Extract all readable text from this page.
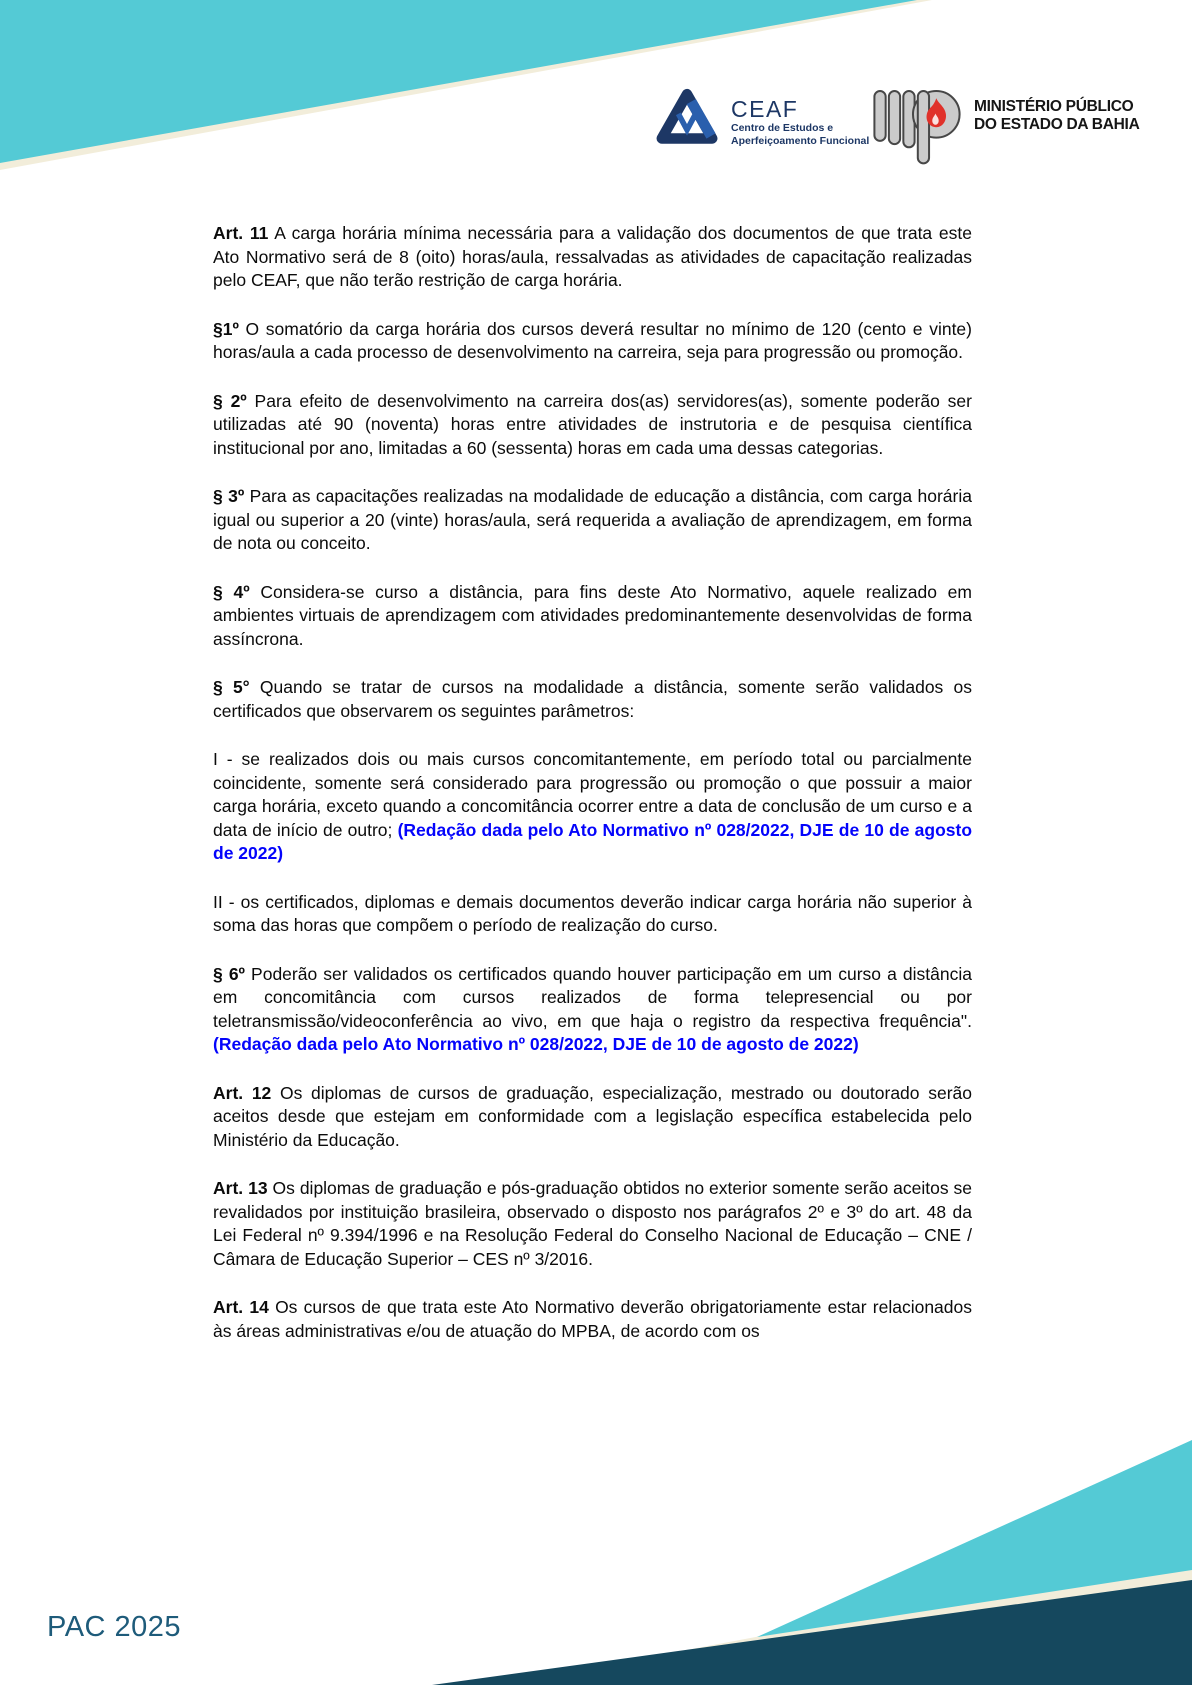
CEAF
Centro de Estudos e
Aperfeiçoamento Funcional
MINISTÉRIO PÚBLICO
DO ESTADO DA BAHIA

Art. 11 A carga horária mínima necessária para a validação dos documentos de que trata este Ato Normativo será de 8 (oito) horas/aula, ressalvadas as atividades de capacitação realizadas pelo CEAF, que não terão restrição de carga horária.

§1º O somatório da carga horária dos cursos deverá resultar no mínimo de 120 (cento e vinte) horas/aula a cada processo de desenvolvimento na carreira, seja para progressão ou promoção.

§ 2º Para efeito de desenvolvimento na carreira dos(as) servidores(as), somente poderão ser utilizadas até 90 (noventa) horas entre atividades de instrutoria e de pesquisa científica institucional por ano, limitadas a 60 (sessenta) horas em cada uma dessas categorias.

§ 3º Para as capacitações realizadas na modalidade de educação a distância, com carga horária igual ou superior a 20 (vinte) horas/aula, será requerida a avaliação de aprendizagem, em forma de nota ou conceito.

§ 4º Considera-se curso a distância, para fins deste Ato Normativo, aquele realizado em ambientes virtuais de aprendizagem com atividades predominantemente desenvolvidas de forma assíncrona.

§ 5° Quando se tratar de cursos na modalidade a distância, somente serão validados os certificados que observarem os seguintes parâmetros:

I - se realizados dois ou mais cursos concomitantemente, em período total ou parcialmente coincidente, somente será considerado para progressão ou promoção o que possuir a maior carga horária, exceto quando a concomitância ocorrer entre a data de conclusão de um curso e a data de início de outro; (Redação dada pelo Ato Normativo nº 028/2022, DJE de 10 de agosto de 2022)

II - os certificados, diplomas e demais documentos deverão indicar carga horária não superior à soma das horas que compõem o período de realização do curso.

§ 6º Poderão ser validados os certificados quando houver participação em um curso a distância em concomitância com cursos realizados de forma telepresencial ou por teletransmissão/videoconferência ao vivo, em que haja o registro da respectiva frequência". (Redação dada pelo Ato Normativo nº 028/2022, DJE de 10 de agosto de 2022)

Art. 12 Os diplomas de cursos de graduação, especialização, mestrado ou doutorado serão aceitos desde que estejam em conformidade com a legislação específica estabelecida pelo Ministério da Educação.

Art. 13 Os diplomas de graduação e pós-graduação obtidos no exterior somente serão aceitos se revalidados por instituição brasileira, observado o disposto nos parágrafos 2º e 3º do art. 48 da Lei Federal nº 9.394/1996 e na Resolução Federal do Conselho Nacional de Educação – CNE / Câmara de Educação Superior – CES nº 3/2016.

Art. 14 Os cursos de que trata este Ato Normativo deverão obrigatoriamente estar relacionados às áreas administrativas e/ou de atuação do MPBA, de acordo com os

PAC 2025
